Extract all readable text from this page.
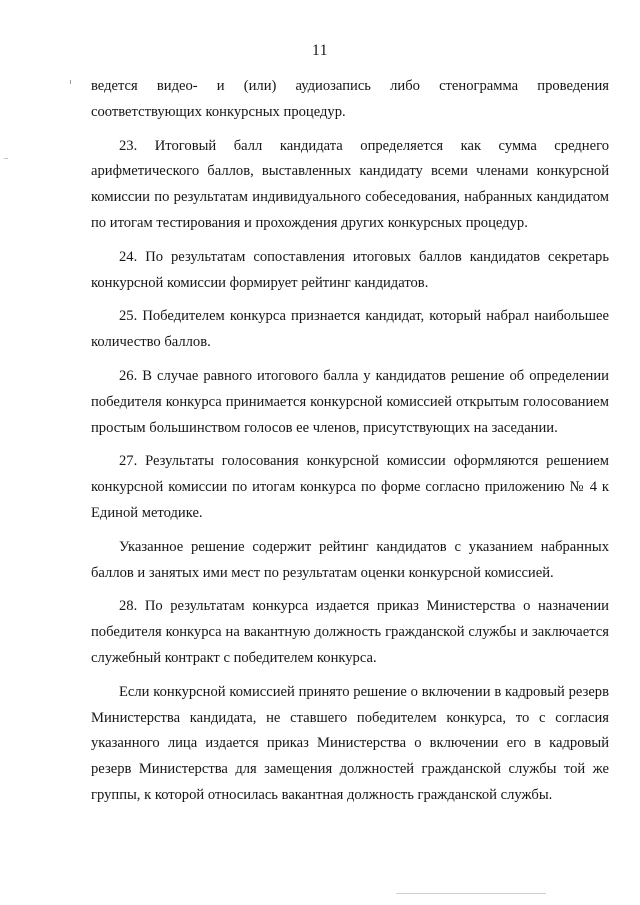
11

ведется видео- и (или) аудиозапись либо стенограмма проведения соответствующих конкурсных процедур.

23. Итоговый балл кандидата определяется как сумма среднего арифметического баллов, выставленных кандидату всеми членами конкурсной комиссии по результатам индивидуального собеседования, набранных кандидатом по итогам тестирования и прохождения других конкурсных процедур.

24. По результатам сопоставления итоговых баллов кандидатов секретарь конкурсной комиссии формирует рейтинг кандидатов.

25. Победителем конкурса признается кандидат, который набрал наибольшее количество баллов.

26. В случае равного итогового балла у кандидатов решение об определении победителя конкурса принимается конкурсной комиссией открытым голосованием простым большинством голосов ее членов, присутствующих на заседании.

27. Результаты голосования конкурсной комиссии оформляются решением конкурсной комиссии по итогам конкурса по форме согласно приложению № 4 к Единой методике.

Указанное решение содержит рейтинг кандидатов с указанием набранных баллов и занятых ими мест по результатам оценки конкурсной комиссией.

28. По результатам конкурса издается приказ Министерства о назначении победителя конкурса на вакантную должность гражданской службы и заключается служебный контракт с победителем конкурса.

Если конкурсной комиссией принято решение о включении в кадровый резерв Министерства кандидата, не ставшего победителем конкурса, то с согласия указанного лица издается приказ Министерства о включении его в кадровый резерв Министерства для замещения должностей гражданской службы той же группы, к которой относилась вакантная должность гражданской службы.
